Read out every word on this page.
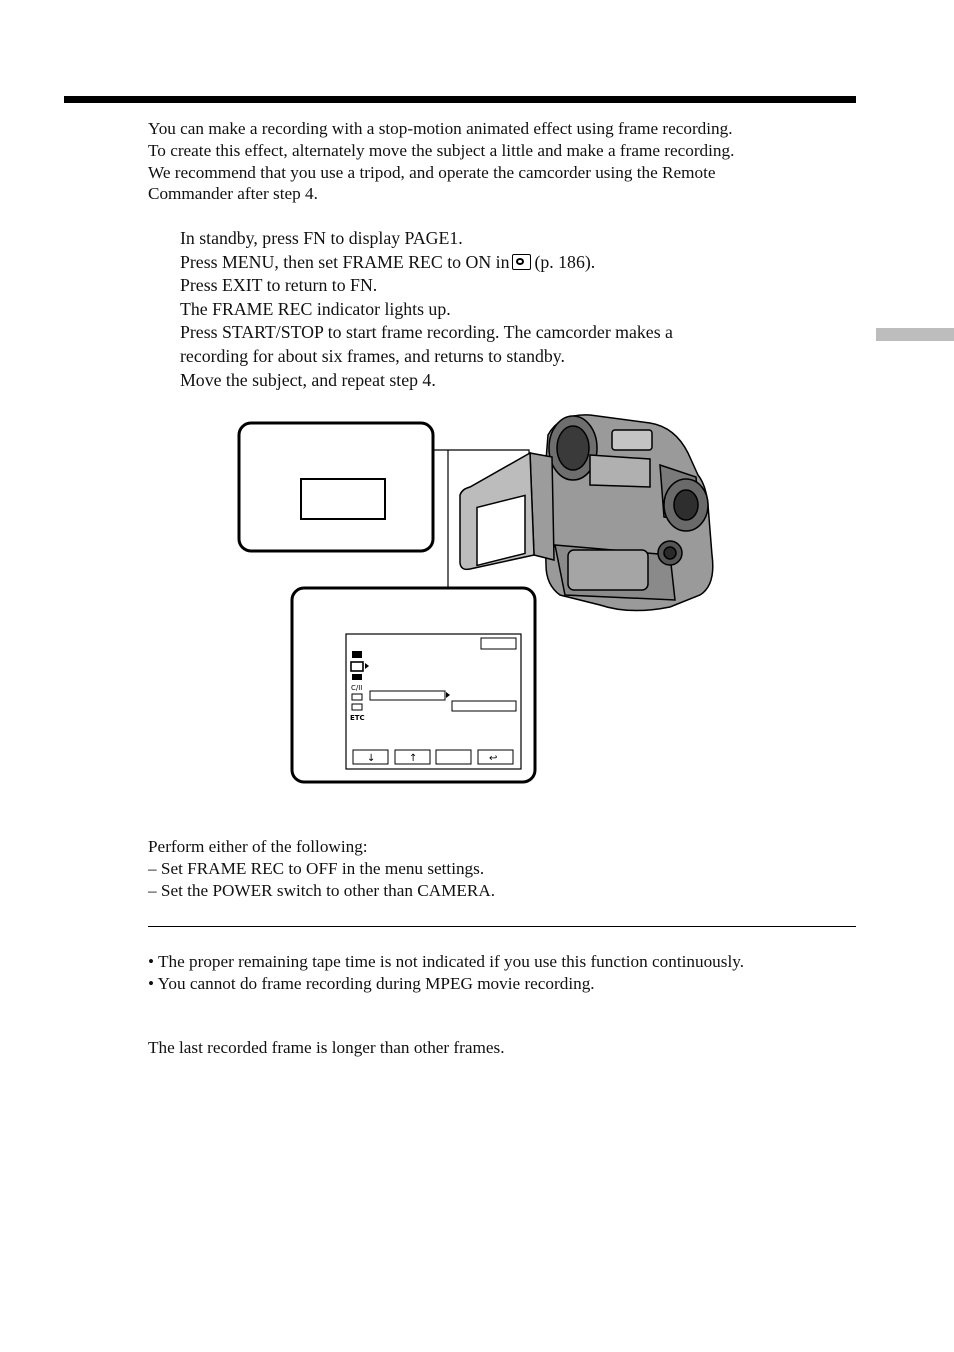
You can make a recording with a stop-motion animated effect using frame recording.
To create this effect, alternately move the subject a little and make a frame recording.
We recommend that you use a tripod, and operate the camcorder using the Remote
Commander after step 4.

In standby, press FN to display PAGE1.
Press MENU, then set FRAME REC to ON in (p. 186).
Press EXIT to return to FN.
The FRAME REC indicator lights up.
Press START/STOP to start frame recording. The camcorder makes a
recording for about six frames, and returns to standby.
Move the subject, and repeat step 4.
C/II
ETC
↓	↑	↩

Perform either of the following:
– Set FRAME REC to OFF in the menu settings.
– Set the POWER switch to other than CAMERA.

• The proper remaining tape time is not indicated if you use this function continuously.
• You cannot do frame recording during MPEG movie recording.

The last recorded frame is longer than other frames.
